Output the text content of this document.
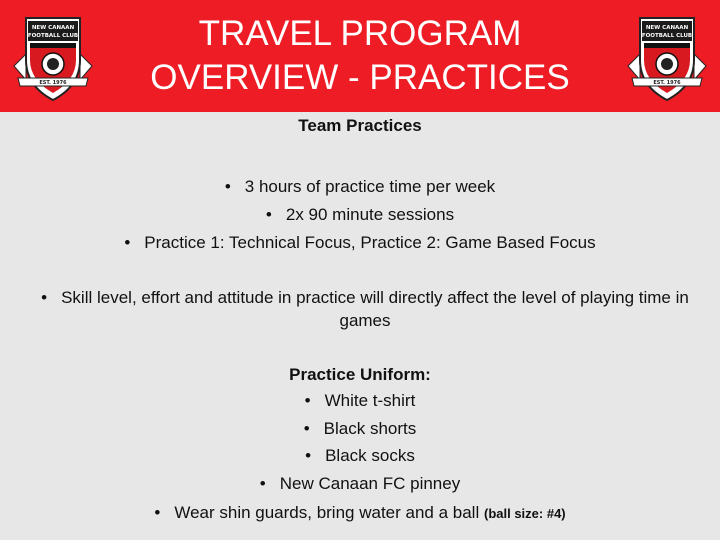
NEW CANAAN
FOOTBALL CLUB
EST. 1976
TRAVEL PROGRAM
OVERVIEW - PRACTICES
NEW CANAAN
FOOTBALL CLUB
EST. 1976
Team Practices
• 3 hours of practice time per week
• 2x 90 minute sessions
• Practice 1: Technical Focus, Practice 2: Game Based Focus
• Skill level, effort and attitude in practice will directly affect the level of playing time in games
Practice Uniform:
• White t-shirt
• Black shorts
• Black socks
• New Canaan FC pinney
• Wear shin guards, bring water and a ball (ball size: #4)
